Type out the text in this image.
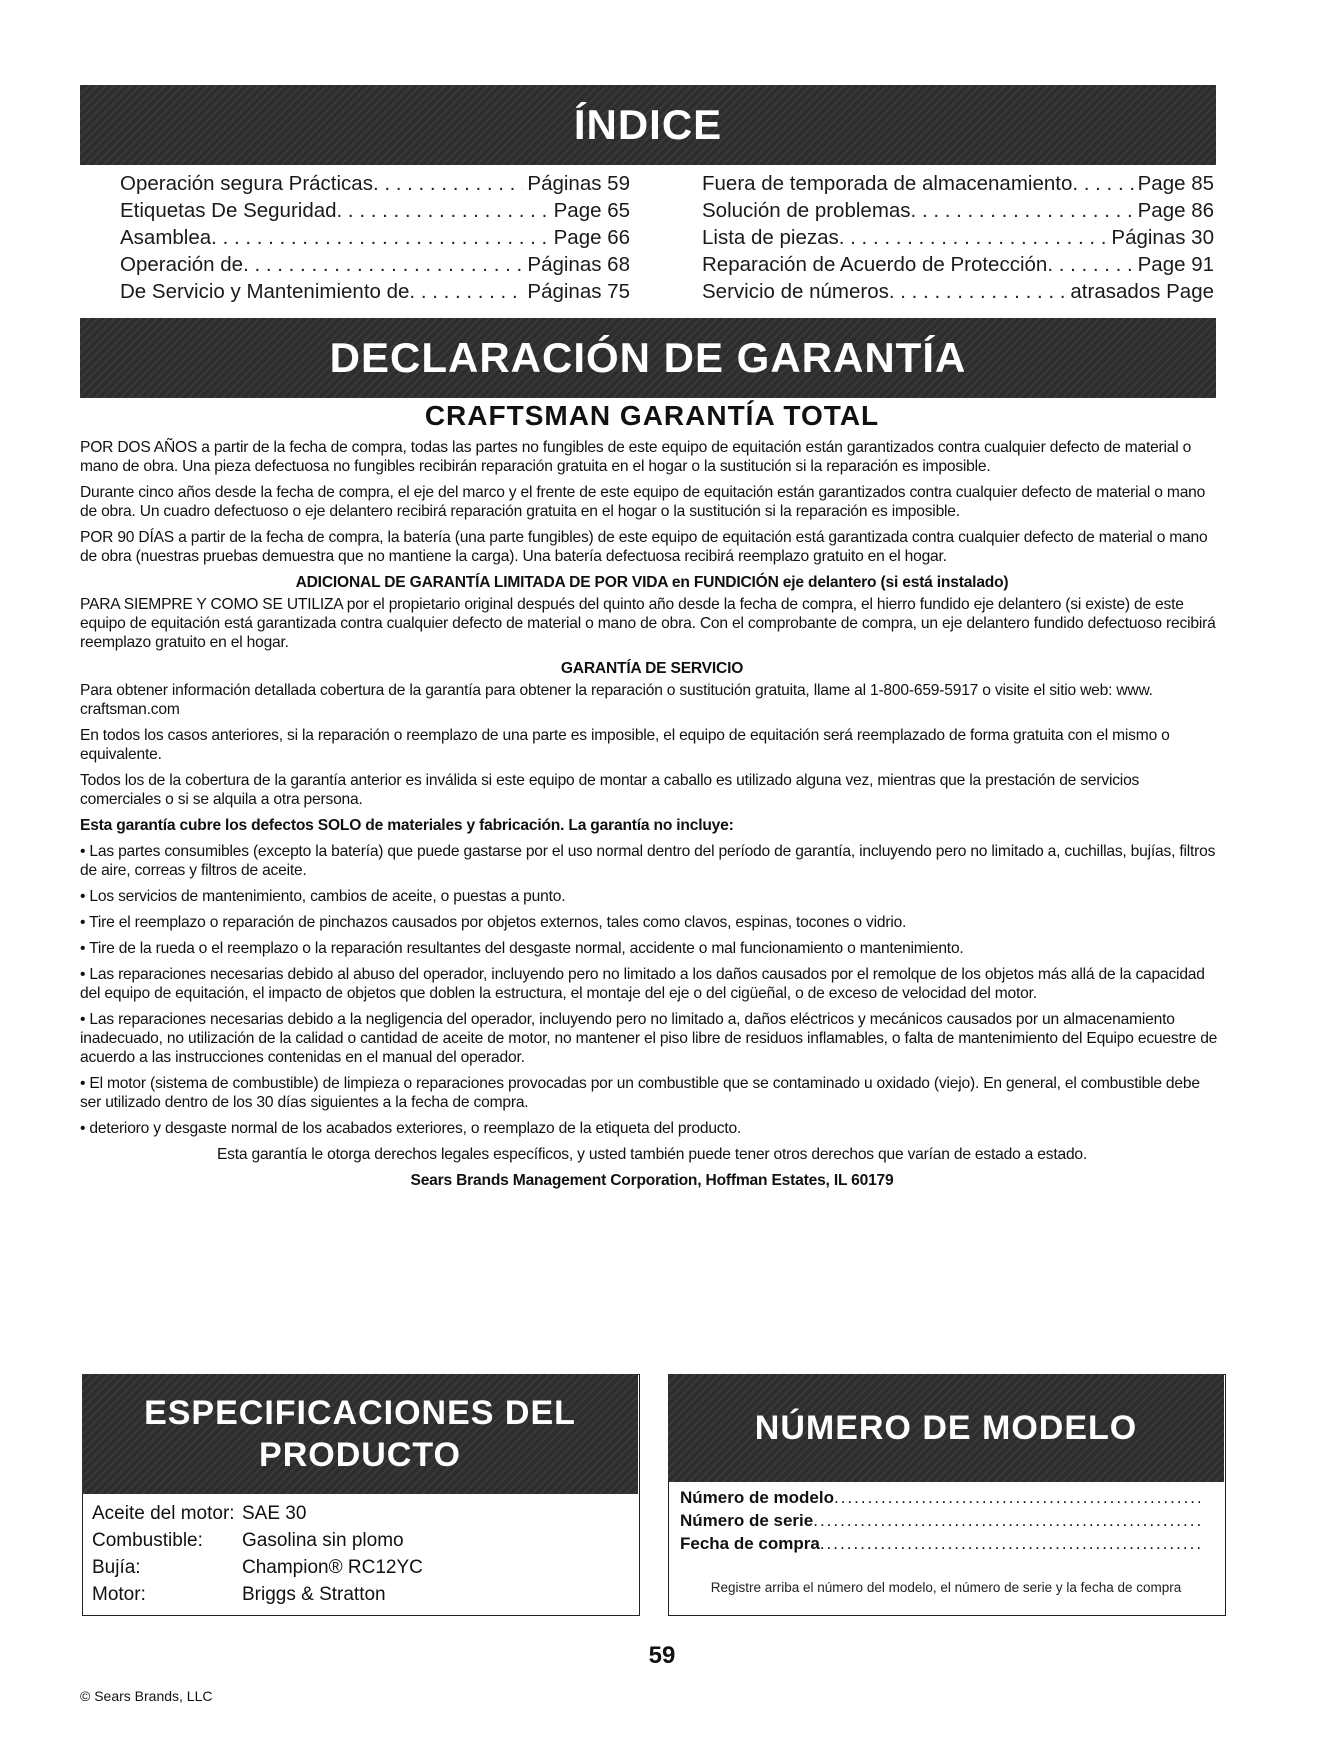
ÍNDICE
Operación segura Prácticas . . .	Páginas 59
Etiquetas De Seguridad . . .	Page 65
Asamblea . . .	Page 66
Operación de . . .	Páginas 68
De Servicio y Mantenimiento de . . .	Páginas 75
Fuera de temporada de almacenamiento . . .	Page 85
Solución de problemas . . .	Page 86
Lista de piezas . . .	Páginas 30
Reparación de Acuerdo de Protección . . .	Page 91
Servicio de números . . .	atrasados Page
DECLARACIÓN DE GARANTÍA
CRAFTSMAN GARANTÍA TOTAL

POR DOS AÑOS a partir de la fecha de compra, todas las partes no fungibles de este equipo de equitación están garantizados contra cualquier defecto de material o mano de obra. Una pieza defectuosa no fungibles recibirán reparación gratuita en el hogar o la sustitución si la reparación es imposible.

Durante cinco años desde la fecha de compra, el eje del marco y el frente de este equipo de equitación están garantizados contra cualquier defecto de material o mano de obra. Un cuadro defectuoso o eje delantero recibirá reparación gratuita en el hogar o la sustitución si la reparación es imposible.

POR 90 DÍAS a partir de la fecha de compra, la batería (una parte fungibles) de este equipo de equitación está garantizada contra cualquier defecto de material o mano de obra (nuestras pruebas demuestra que no mantiene la carga). Una batería defectuosa recibirá reemplazo gratuito en el hogar.

ADICIONAL DE GARANTÍA LIMITADA DE POR VIDA en FUNDICIÓN eje delantero (si está instalado)

PARA SIEMPRE Y COMO SE UTILIZA por el propietario original después del quinto año desde la fecha de compra, el hierro fundido eje delantero (si existe) de este equipo de equitación está garantizada contra cualquier defecto de material o mano de obra. Con el comprobante de compra, un eje delantero fundido defectuoso recibirá reemplazo gratuito en el hogar.

GARANTÍA DE SERVICIO

Para obtener información detallada cobertura de la garantía para obtener la reparación o sustitución gratuita, llame al 1-800-659-5917 o visite el sitio web: www. craftsman.com

En todos los casos anteriores, si la reparación o reemplazo de una parte es imposible, el equipo de equitación será reemplazado de forma gratuita con el mismo o equivalente.

Todos los de la cobertura de la garantía anterior es inválida si este equipo de montar a caballo es utilizado alguna vez, mientras que la prestación de servicios comerciales o si se alquila a otra persona.

Esta garantía cubre los defectos SOLO de materiales y fabricación. La garantía no incluye:

• Las partes consumibles (excepto la batería) que puede gastarse por el uso normal dentro del período de garantía, incluyendo pero no limitado a, cuchillas, bujías, filtros de aire, correas y filtros de aceite.

• Los servicios de mantenimiento, cambios de aceite, o puestas a punto.

• Tire el reemplazo o reparación de pinchazos causados por objetos externos, tales como clavos, espinas, tocones o vidrio.

• Tire de la rueda o el reemplazo o la reparación resultantes del desgaste normal, accidente o mal funcionamiento o mantenimiento.

• Las reparaciones necesarias debido al abuso del operador, incluyendo pero no limitado a los daños causados por el remolque de los objetos más allá de la capacidad del equipo de equitación, el impacto de objetos que doblen la estructura, el montaje del eje o del cigüeñal, o de exceso de velocidad del motor.

• Las reparaciones necesarias debido a la negligencia del operador, incluyendo pero no limitado a, daños eléctricos y mecánicos causados por un almacenamiento inadecuado, no utilización de la calidad o cantidad de aceite de motor, no mantener el piso libre de residuos inflamables, o falta de mantenimiento del Equipo ecuestre de acuerdo a las instrucciones contenidas en el manual del operador.

• El motor (sistema de combustible) de limpieza o reparaciones provocadas por un combustible que se contaminado u oxidado (viejo). En general, el combustible debe ser utilizado dentro de los 30 días siguientes a la fecha de compra.

• deterioro y desgaste normal de los acabados exteriores, o reemplazo de la etiqueta del producto.

Esta garantía le otorga derechos legales específicos, y usted también puede tener otros derechos que varían de estado a estado.

Sears Brands Management Corporation, Hoffman Estates, IL 60179
ESPECIFICACIONES DEL PRODUCTO
Aceite del motor: SAE 30
Combustible:	Gasolina sin plomo
Bujía:	Champion® RC12YC
Motor:	Briggs & Stratton
NÚMERO DE MODELO
Número de modelo
.....
Número de serie
.....
Fecha de compra
.....
Registre arriba el número del modelo, el número de serie y la fecha de compra
59
© Sears Brands, LLC
